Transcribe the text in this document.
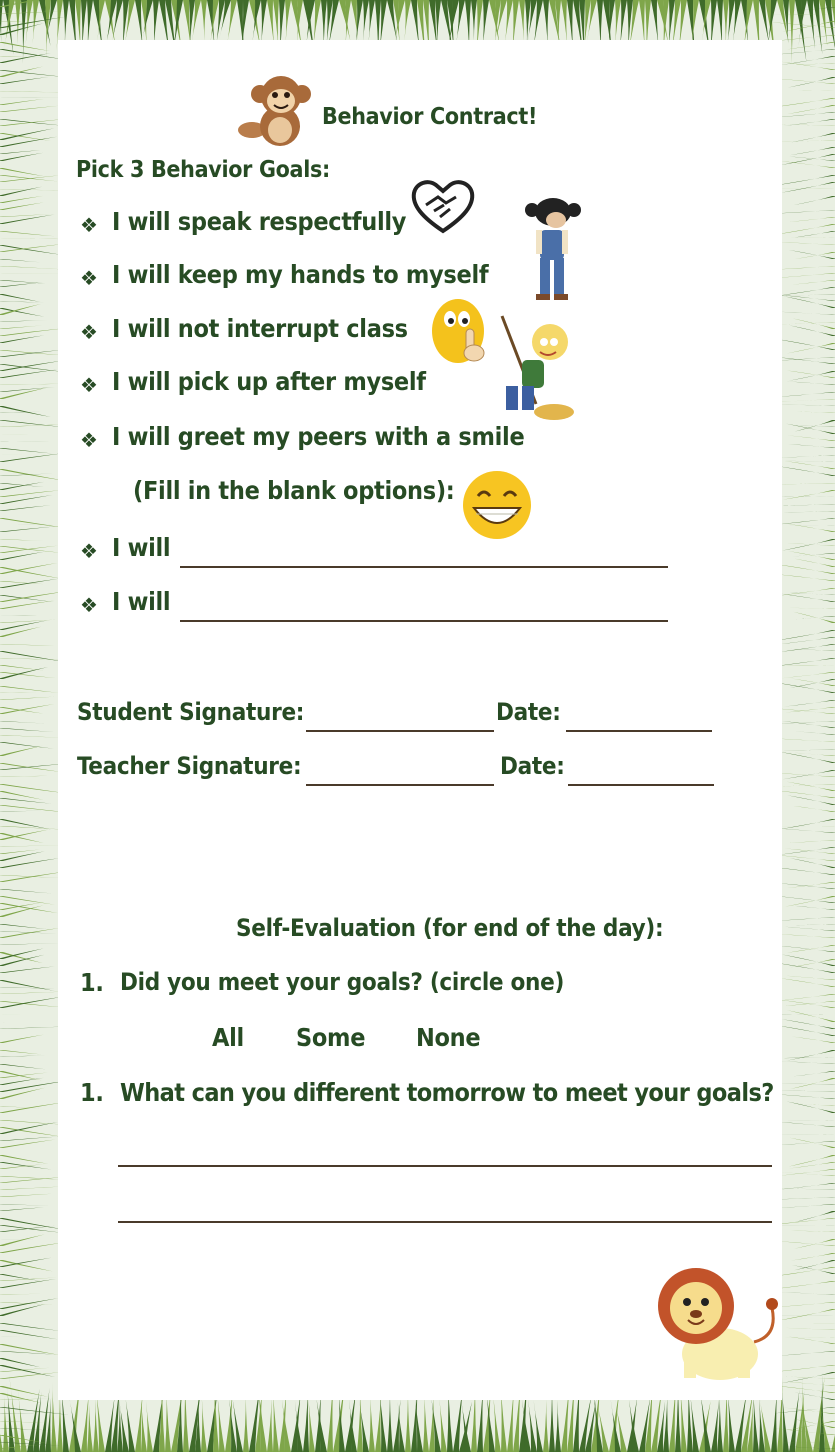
Behavior Contract!
Pick 3 Behavior Goals:
❖ I will speak respectfully
❖ I will keep my hands to myself
❖ I will not interrupt class
❖ I will pick up after myself
❖ I will greet my peers with a smile
(Fill in the blank options):
❖ I will
❖ I will
Student Signature:	Date:
Teacher Signature:	Date:
Self-Evaluation (for end of the day):
1. Did you meet your goals? (circle one)
All Some None
1. What can you different tomorrow to meet your goals?
